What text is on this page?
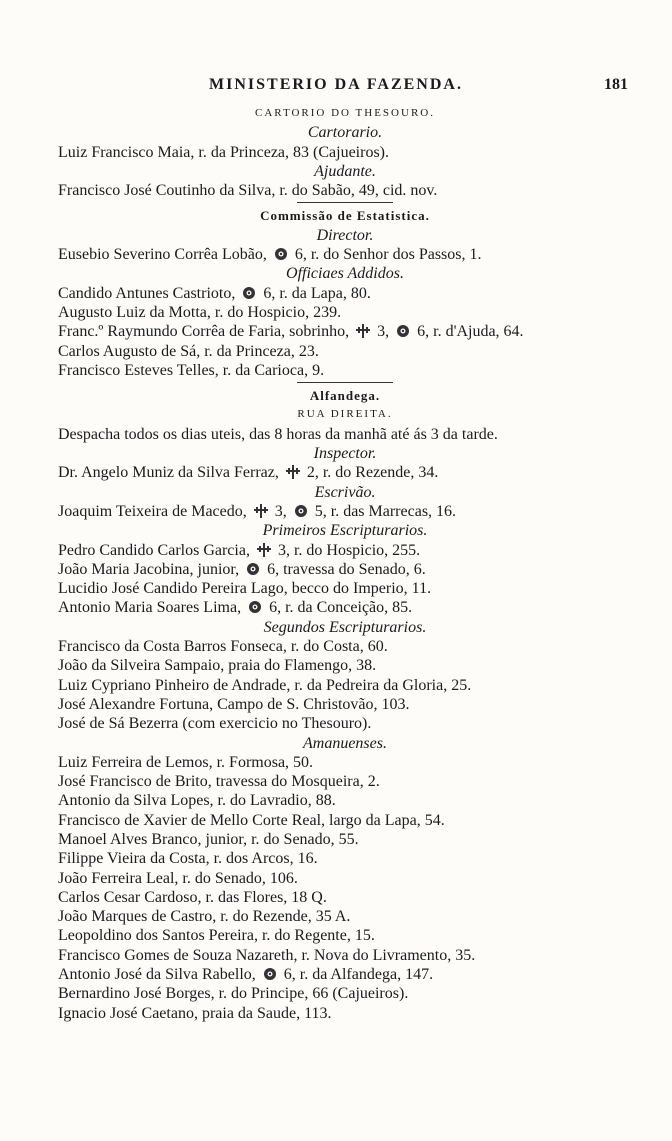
MINISTERIO DA FAZENDA.	181
CARTORIO DO THESOURO.
Cartorario.
Luiz Francisco Maia, r. da Princeza, 83 (Cajueiros).
Ajudante.
Francisco José Coutinho da Silva, r. do Sabão, 49, cid. nov.
Commissão de Estatistica.
Director.
Eusebio Severino Corrêa Lobão, 6, r. do Senhor dos Passos, 1.
Officiaes Addidos.
Candido Antunes Castrioto, 6, r. da Lapa, 80.
Augusto Luiz da Motta, r. do Hospicio, 239.
Franc.º Raymundo Corrêa de Faria, sobrinho, 3, 6, r. d'Ajuda, 64.
Carlos Augusto de Sá, r. da Princeza, 23.
Francisco Esteves Telles, r. da Carioca, 9.
Alfandega.
RUA DIREITA.
Despacha todos os dias uteis, das 8 horas da manhã até ás 3 da tarde.
Inspector.
Dr. Angelo Muniz da Silva Ferraz, 2, r. do Rezende, 34.
Escrivão.
Joaquim Teixeira de Macedo, 3, 5, r. das Marrecas, 16.
Primeiros Escripturarios.
Pedro Candido Carlos Garcia, 3, r. do Hospicio, 255.
João Maria Jacobina, junior, 6, travessa do Senado, 6.
Lucidio José Candido Pereira Lago, becco do Imperio, 11.
Antonio Maria Soares Lima, 6, r. da Conceição, 85.
Segundos Escripturarios.
Francisco da Costa Barros Fonseca, r. do Costa, 60.
João da Silveira Sampaio, praia do Flamengo, 38.
Luiz Cypriano Pinheiro de Andrade, r. da Pedreira da Gloria, 25.
José Alexandre Fortuna, Campo de S. Christovão, 103.
José de Sá Bezerra (com exercicio no Thesouro).
Amanuenses.
Luiz Ferreira de Lemos, r. Formosa, 50.
José Francisco de Brito, travessa do Mosqueira, 2.
Antonio da Silva Lopes, r. do Lavradio, 88.
Francisco de Xavier de Mello Corte Real, largo da Lapa, 54.
Manoel Alves Branco, junior, r. do Senado, 55.
Filippe Vieira da Costa, r. dos Arcos, 16.
João Ferreira Leal, r. do Senado, 106.
Carlos Cesar Cardoso, r. das Flores, 18 Q.
João Marques de Castro, r. do Rezende, 35 A.
Leopoldino dos Santos Pereira, r. do Regente, 15.
Francisco Gomes de Souza Nazareth, r. Nova do Livramento, 35.
Antonio José da Silva Rabello, 6, r. da Alfandega, 147.
Bernardino José Borges, r. do Principe, 66 (Cajueiros).
Ignacio José Caetano, praia da Saude, 113.
